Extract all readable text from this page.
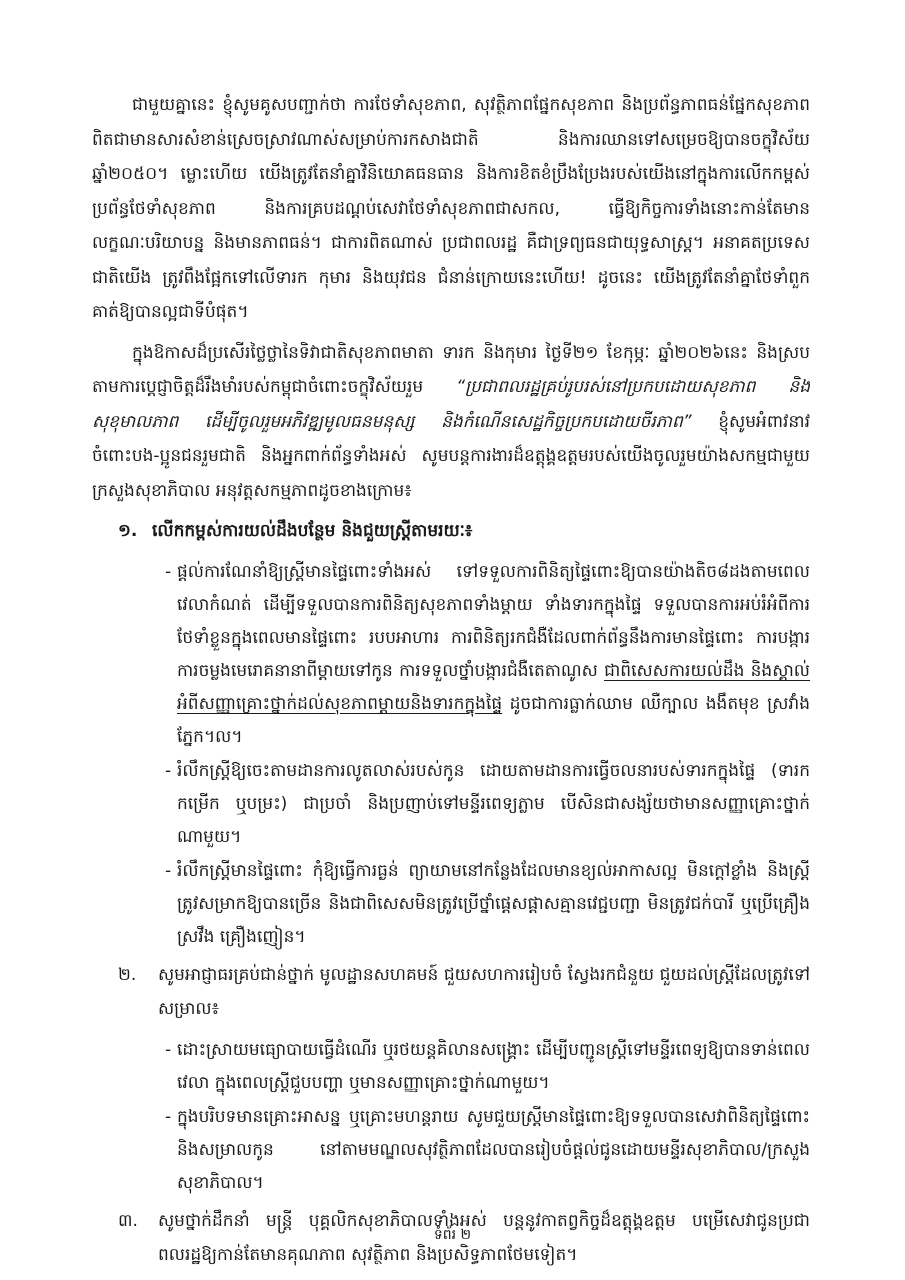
ជាមួយគ្នានេះ ខ្ញុំសូមគូសបញ្ជាក់ថា ការថែទាំសុខភាព, សុវត្ថិភាពផ្នែកសុខភាព និងប្រព័ន្ធភាពធន់ផ្នែកសុខភាព ពិតជាមានសារសំខាន់ស្រេចស្រាវណាស់សម្រាប់ការកសាងជាតិ និងការឈានទៅសម្រេចឱ្យបានចក្ខុវិស័យឆ្នាំ២០៥០។ ម្លោះហើយ យើងត្រូវតែនាំគ្នាវិនិយោគធនធាន និងការខិតខំប្រឹងប្រែងរបស់យើងនៅក្នុងការលើកកម្ពស់ ប្រព័ន្ធថែទាំសុខភាព និងការគ្របដណ្តប់សេវាថែទាំសុខភាពជាសកល, ធ្វើឱ្យកិច្ចការទាំងនោះកាន់តែមានលក្ខណៈបរិយាបន្ន និងមានភាពធន់។ ជាការពិតណាស់ ប្រជាពលរដ្ឋ គឺជាទ្រព្យធនជាយុទ្ធសាស្ត្រ។ អនាគតប្រទេសជាតិយើង ត្រូវពឹងផ្អែកទៅលើទារក កុមារ និងយុវជន ជំនាន់ក្រោយនេះហើយ! ដូចនេះ យើងត្រូវតែនាំគ្នាថែទាំពួកគាត់ឱ្យបានល្អជាទីបំផុត។

ក្នុងឱកាសដ៏ប្រសើរថ្លៃថ្លានៃទិវាជាតិសុខភាពមាតា ទារក និងកុមារ ថ្ងៃទី២១ ខែកុម្ភៈ ឆ្នាំ២០២៦នេះ និងស្របតាមការប្តេជ្ញាចិត្តដ៏រឹងមាំរបស់កម្ពុជាចំពោះចក្ខុវិស័យរួម “ប្រជាពលរដ្ឋគ្រប់រូបរស់នៅប្រកបដោយសុខភាព និងសុខុមាលភាព ដើម្បីចូលរួមអភិវឌ្ឍមូលធនមនុស្ស និងកំណើនសេដ្ឋកិច្ចប្រកបដោយចីរភាព” ខ្ញុំសូមអំពាវនាវចំពោះបង-ប្អូនជនរួមជាតិ និងអ្នកពាក់ព័ន្ធទាំងអស់ សូមបន្តការងារដ៏ឧត្តុង្គឧត្តមរបស់យើងចូលរួមយ៉ាងសកម្មជាមួយក្រសួងសុខាភិបាល អនុវត្តសកម្មភាពដូចខាងក្រោម៖

១. លើកកម្ពស់ការយល់ដឹងបន្ថែម និងជួយស្ត្រីតាមរយៈ៖
- ផ្តល់ការណែនាំឱ្យស្ត្រីមានផ្ទៃពោះទាំងអស់ ទៅទទួលការពិនិត្យផ្ទៃពោះឱ្យបានយ៉ាងតិច៨ដងតាមពេលវេលាកំណត់ ដើម្បីទទួលបានការពិនិត្យសុខភាពទាំងម្តាយ ទាំងទារកក្នុងផ្ទៃ ទទួលបានការអប់រំអំពីការថែទាំខ្លួនក្នុងពេលមានផ្ទៃពោះ របបអាហារ ការពិនិត្យរកជំងឺដែលពាក់ព័ន្ធនឹងការមានផ្ទៃពោះ ការបង្ការការចម្លងមេរោគនានាពីម្តាយទៅកូន ការទទួលថ្នាំបង្ការជំងឺតេតាណូស ជាពិសេសការយល់ដឹង និងស្គាល់អំពីសញ្ញាគ្រោះថ្នាក់ដល់សុខភាពម្តាយនិងទារកក្នុងផ្ទៃ ដូចជាការធ្លាក់ឈាម ឈឺក្បាល ងងឹតមុខ ស្រវាំងភ្នែក។ល។
- រំលឹកស្ត្រីឱ្យចេះតាមដានការលូតលាស់របស់កូន ដោយតាមដានការធ្វើចលនារបស់ទារកក្នុងផ្ទៃ (ទារកកម្រើក ឬបម្រះ) ជាប្រចាំ និងប្រញាប់ទៅមន្ទីរពេទ្យភ្លាម បើសិនជាសង្ស័យថាមានសញ្ញាគ្រោះថ្នាក់ណាមួយ។
- រំលឹកស្ត្រីមានផ្ទៃពោះ កុំឱ្យធ្វើការធ្ងន់ ព្យាយាមនៅកន្លែងដែលមានខ្យល់អាកាសល្អ មិនក្តៅខ្លាំង និងស្ត្រីត្រូវសម្រាកឱ្យបានច្រើន និងជាពិសេសមិនត្រូវប្រើថ្នាំផ្តេសផ្តាសគ្មានវេជ្ជបញ្ជា មិនត្រូវជក់បារី ឬប្រើគ្រឿងស្រវឹង គ្រឿងញៀន។
២.	សូមអាជ្ញាធរគ្រប់ជាន់ថ្នាក់ មូលដ្ឋានសហគមន៍ ជួយសហការរៀបចំ ស្វែងរកជំនួយ ជួយដល់ស្ត្រីដែលត្រូវទៅសម្រាល៖
- ដោះស្រាយមធ្យោបាយធ្វើដំណើរ ឬរថយន្តគិលានសង្គ្រោះ ដើម្បីបញ្ជូនស្ត្រីទៅមន្ទីរពេទ្យឱ្យបានទាន់ពេលវេលា ក្នុងពេលស្ត្រីជួបបញ្ហា ឬមានសញ្ញាគ្រោះថ្នាក់ណាមួយ។
- ក្នុងបរិបទមានគ្រោះអាសន្ន ឬគ្រោះមហន្តរាយ សូមជួយស្ត្រីមានផ្ទៃពោះឱ្យទទួលបានសេវាពិនិត្យផ្ទៃពោះ និងសម្រាលកូន នៅតាមមណ្ឌលសុវត្ថិភាពដែលបានរៀបចំផ្តល់ជូនដោយមន្ទីរសុខាភិបាល/ក្រសួងសុខាភិបាល។
៣.	សូមថ្នាក់ដឹកនាំ មន្ត្រី បុគ្គលិកសុខាភិបាលទាំងអស់ បន្តនូវកាតព្វកិច្ចដ៏ឧត្តុង្គឧត្តម បម្រើសេវាជូនប្រជាពលរដ្ឋឱ្យកាន់តែមានគុណភាព សុវត្ថិភាព និងប្រសិទ្ធភាពថែមទៀត។
ទំព័រ ២
